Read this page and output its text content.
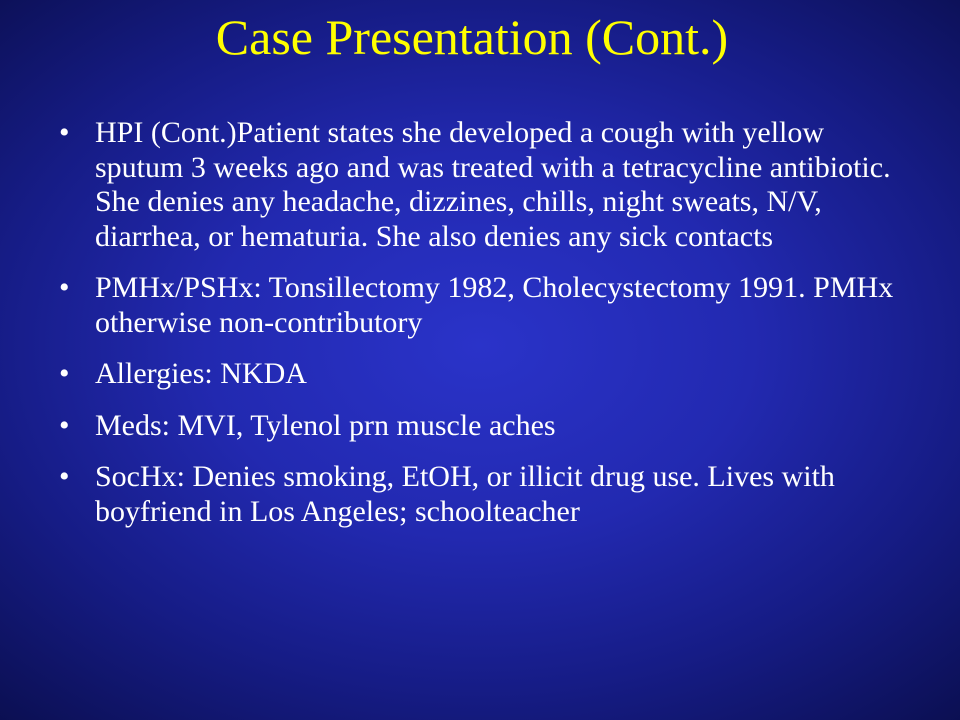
Case Presentation (Cont.)
• HPI (Cont.)Patient states she developed a cough with yellow sputum 3 weeks ago and was treated with a tetracycline antibiotic. She denies any headache, dizzines, chills, night sweats, N/V, diarrhea, or hematuria. She also denies any sick contacts
• PMHx/PSHx: Tonsillectomy 1982, Cholecystectomy 1991. PMHx otherwise non-contributory
• Allergies: NKDA
• Meds: MVI, Tylenol prn muscle aches
• SocHx: Denies smoking, EtOH, or illicit drug use. Lives with boyfriend in Los Angeles; schoolteacher
